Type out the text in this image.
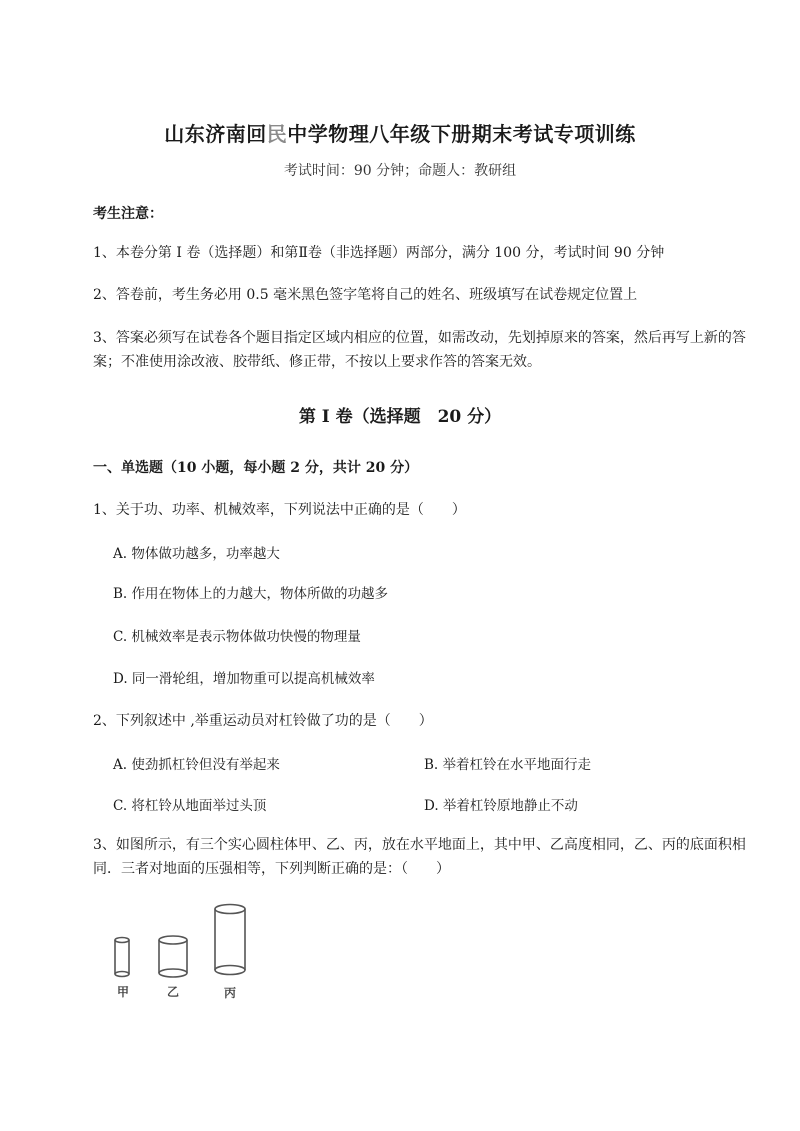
山东济南回民中学物理八年级下册期末考试专项训练
考试时间：90 分钟；命题人：教研组
考生注意：
1、本卷分第 I 卷（选择题）和第Ⅱ卷（非选择题）两部分，满分 100 分，考试时间 90 分钟
2、答卷前，考生务必用 0.5 毫米黑色签字笔将自己的姓名、班级填写在试卷规定位置上
3、答案必须写在试卷各个题目指定区域内相应的位置，如需改动，先划掉原来的答案，然后再写上新的答案；不准使用涂改液、胶带纸、修正带，不按以上要求作答的答案无效。
第 I 卷（选择题　20 分）
一、单选题（10 小题，每小题 2 分，共计 20 分）
1、关于功、功率、机械效率，下列说法中正确的是（　　）
A. 物体做功越多，功率越大
B. 作用在物体上的力越大，物体所做的功越多
C. 机械效率是表示物体做功快慢的物理量
D. 同一滑轮组，增加物重可以提高机械效率
2、下列叙述中 ,举重运动员对杠铃做了功的是（　　）
A. 使劲抓杠铃但没有举起来	B. 举着杠铃在水平地面行走
C. 将杠铃从地面举过头顶	D. 举着杠铃原地静止不动
3、如图所示，有三个实心圆柱体甲、乙、丙，放在水平地面上，其中甲、乙高度相同，乙、丙的底面积相同．三者对地面的压强相等，下列判断正确的是：（　　）
甲	乙	丙
